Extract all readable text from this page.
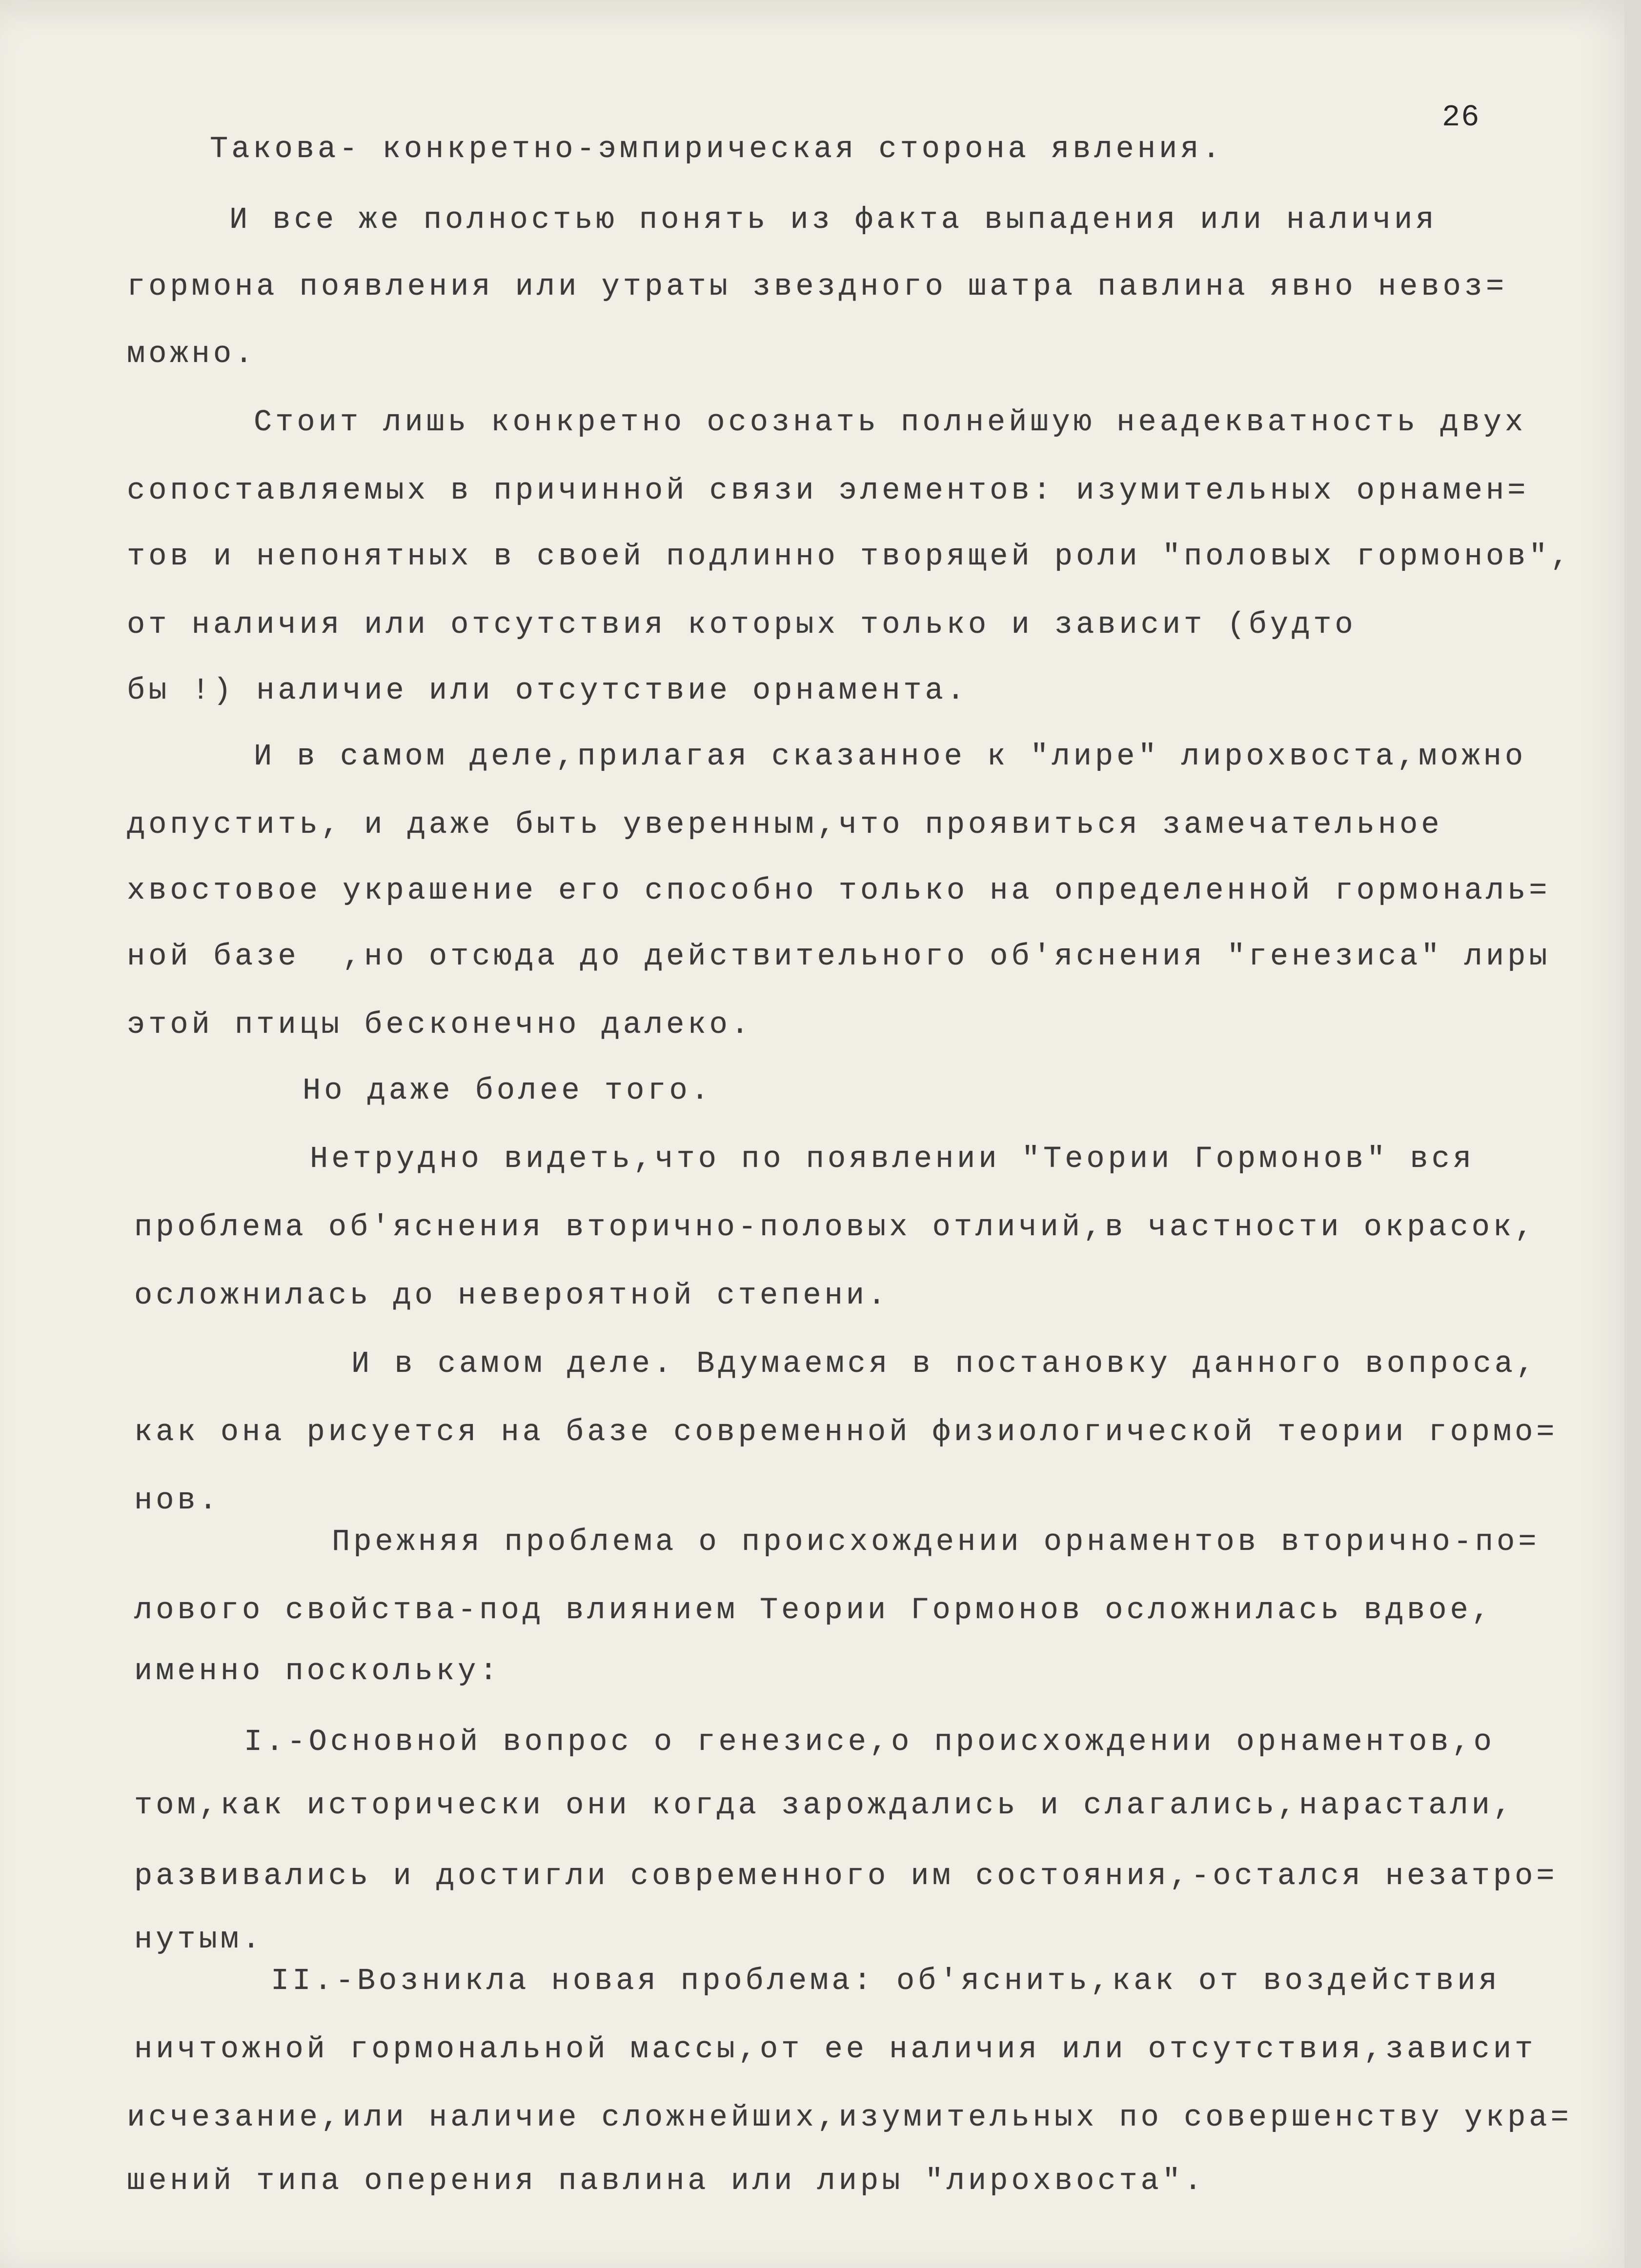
26
Такова- конкретно-эмпирическая сторона явления.
И все же полностью понять из факта выпадения или наличия
гормона появления или утраты звездного шатра павлина явно невоз=
можно.
Стоит лишь конкретно осознать полнейшую неадекватность двух
сопоставляемых в причинной связи элементов: изумительных орнамен=
тов и непонятных в своей подлинно творящей роли "половых гормонов",
от наличия или отсутствия которых только и зависит (будто
бы !) наличие или отсутствие орнамента.
И в самом деле,прилагая сказанное к "лире" лирохвоста,можно
допустить, и даже быть уверенным,что проявиться замечательное
хвостовое украшение его способно только на определенной гормональ=
ной базе  ,но отсюда до действительного об'яснения "генезиса" лиры
этой птицы бесконечно далеко.
Но даже более того.
Нетрудно видеть,что по появлении "Теории Гормонов" вся
проблема об'яснения вторично-половых отличий,в частности окрасок,
осложнилась до невероятной степени.
И в самом деле. Вдумаемся в постановку данного вопроса,
как она рисуется на базе современной физиологической теории гормо=
нов.
Прежняя проблема о происхождении орнаментов вторично-по=
лового свойства-под влиянием Теории Гормонов осложнилась вдвое,
именно поскольку:
I.-Основной вопрос о генезисе,о происхождении орнаментов,о
том,как исторически они когда зарождались и слагались,нарастали,
развивались и достигли современного им состояния,-остался незатро=
нутым.
II.-Возникла новая проблема: об'яснить,как от воздействия
ничтожной гормональной массы,от ее наличия или отсутствия,зависит
исчезание,или наличие сложнейших,изумительных по совершенству укра=
шений типа оперения павлина или лиры "лирохвоста".
